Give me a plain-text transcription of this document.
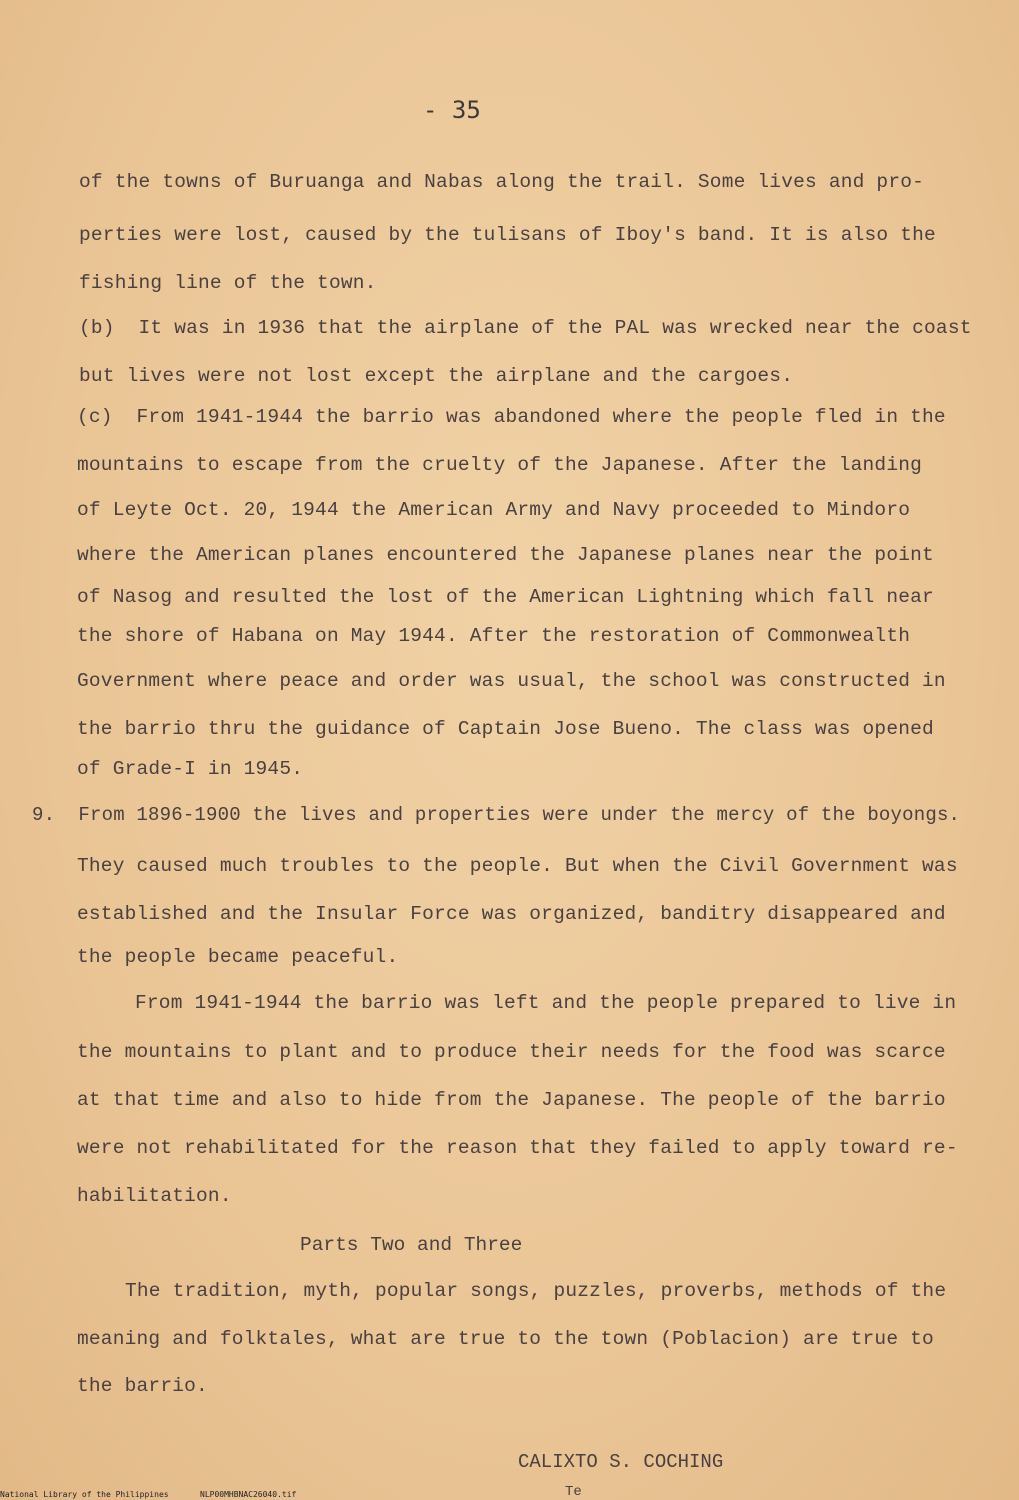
- 35
of the towns of Buruanga and Nabas along the trail. Some lives and pro-
perties were lost, caused by the tulisans of Iboy's band. It is also the
fishing line of the town.
(b)  It was in 1936 that the airplane of the PAL was wrecked near the coast
but lives were not lost except the airplane and the cargoes.
(c)  From 1941-1944 the barrio was abandoned where the people fled in the
mountains to escape from the cruelty of the Japanese. After the landing
of Leyte Oct. 20, 1944 the American Army and Navy proceeded to Mindoro
where the American planes encountered the Japanese planes near the point
of Nasog and resulted the lost of the American Lightning which fall near
the shore of Habana on May 1944. After the restoration of Commonwealth
Government where peace and order was usual, the school was constructed in
the barrio thru the guidance of Captain Jose Bueno. The class was opened
of Grade-I in 1945.
9.  From 1896-1900 the lives and properties were under the mercy of the boyongs.
They caused much troubles to the people. But when the Civil Government was
established and the Insular Force was organized, banditry disappeared and
the people became peaceful.
From 1941-1944 the barrio was left and the people prepared to live in
the mountains to plant and to produce their needs for the food was scarce
at that time and also to hide from the Japanese. The people of the barrio
were not rehabilitated for the reason that they failed to apply toward re-
habilitation.
Parts Two and Three
The tradition, myth, popular songs, puzzles, proverbs, methods of the
meaning and folktales, what are true to the town (Poblacion) are true to
the barrio.
CALIXTO S. COCHING
Te
National Library of the Philippines	NLP00MHBNAC26040.tif
